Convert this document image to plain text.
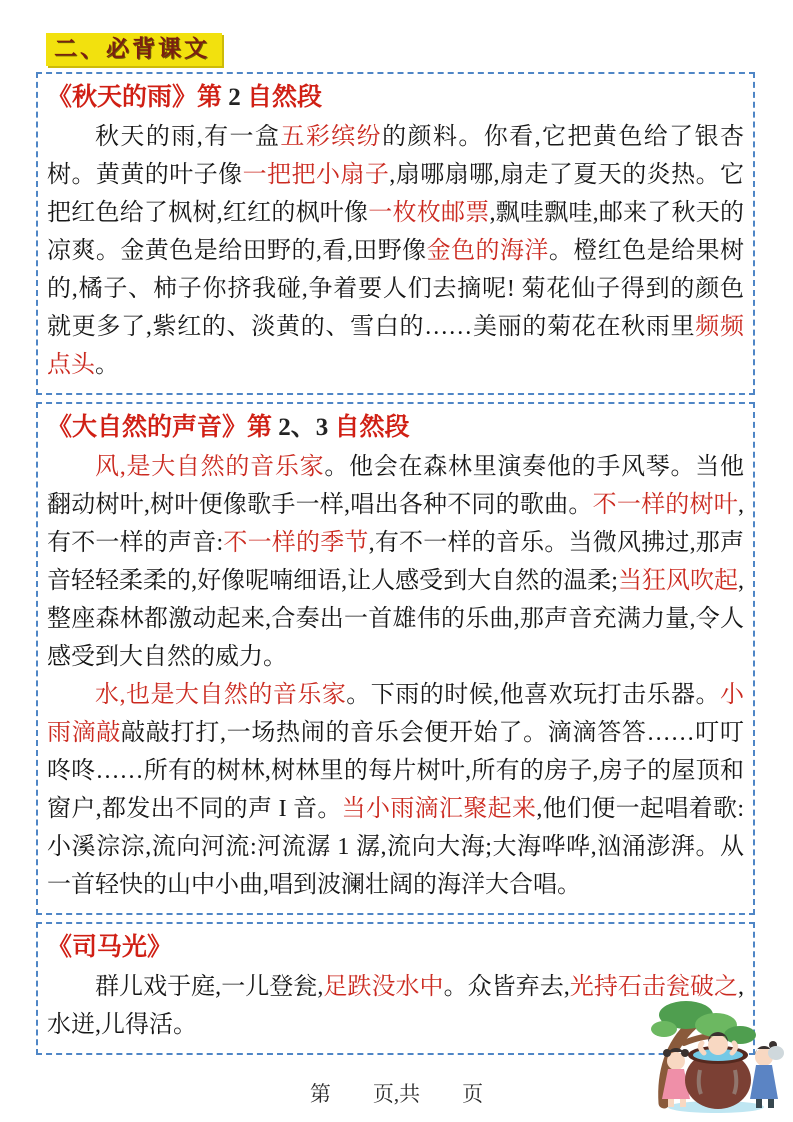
二、必背课文
《秋天的雨》第 2 自然段

秋天的雨,有一盒五彩缤纷的颜料。你看,它把黄色给了银杏树。黄黄的叶子像一把把小扇子,扇哪扇哪,扇走了夏天的炎热。它把红色给了枫树,红红的枫叶像一枚枚邮票,飘哇飘哇,邮来了秋天的凉爽。金黄色是给田野的,看,田野像金色的海洋。橙红色是给果树的,橘子、柿子你挤我碰,争着要人们去摘呢! 菊花仙子得到的颜色就更多了,紫红的、淡黄的、雪白的……美丽的菊花在秋雨里频频点头。

《大自然的声音》第 2、3 自然段

风,是大自然的音乐家。他会在森林里演奏他的手风琴。当他翻动树叶,树叶便像歌手一样,唱出各种不同的歌曲。不一样的树叶,有不一样的声音:不一样的季节,有不一样的音乐。当微风拂过,那声音轻轻柔柔的,好像呢喃细语,让人感受到大自然的温柔;当狂风吹起,整座森林都激动起来,合奏出一首雄伟的乐曲,那声音充满力量,令人感受到大自然的威力。

水,也是大自然的音乐家。下雨的时候,他喜欢玩打击乐器。小雨滴敲敲敲打打,一场热闹的音乐会便开始了。滴滴答答……叮叮咚咚……所有的树林,树林里的每片树叶,所有的房子,房子的屋顶和窗户,都发出不同的声 I 音。当小雨滴汇聚起来,他们便一起唱着歌:小溪淙淙,流向河流:河流潺 1 潺,流向大海;大海哗哗,汹涌澎湃。从一首轻快的山中小曲,唱到波澜壮阔的海洋大合唱。

《司马光》

群儿戏于庭,一儿登瓮,足跌没水中。众皆弃去,光持石击瓮破之,水迸,儿得活。

第　　页,共　　页
